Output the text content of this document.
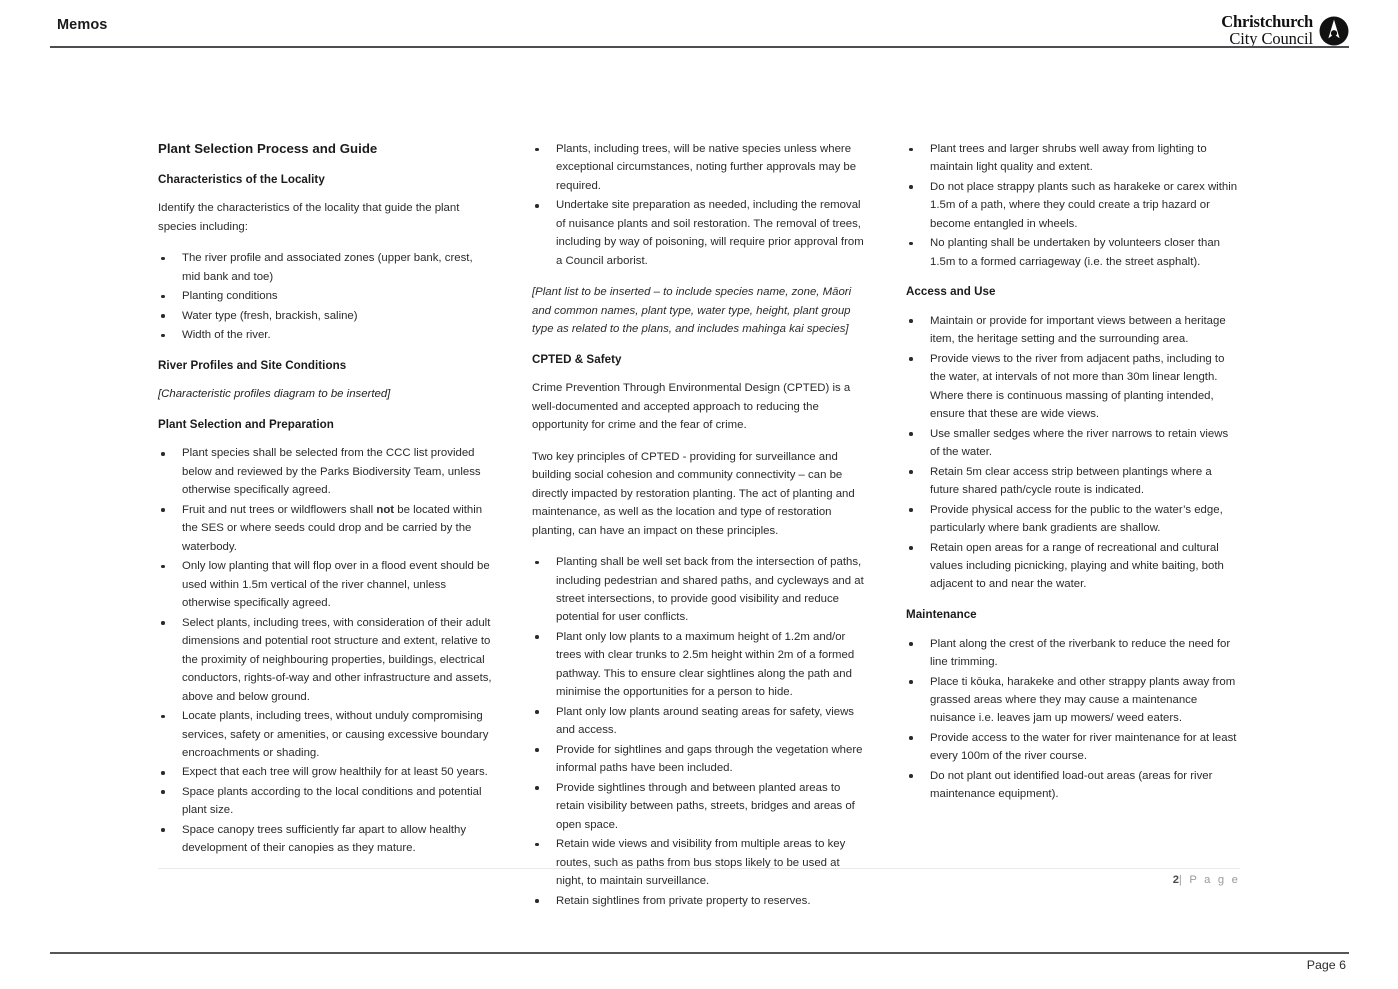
Memos	Christchurch
City Council
Plant Selection Process and Guide
Characteristics of the Locality

Identify the characteristics of the locality that guide the plant species including:

The river profile and associated zones (upper bank, crest, mid bank and toe)
Planting conditions
Water type (fresh, brackish, saline)
Width of the river.
River Profiles and Site Conditions

[Characteristic profiles diagram to be inserted]

Plant Selection and Preparation
Plant species shall be selected from the CCC list provided below and reviewed by the Parks Biodiversity Team, unless otherwise specifically agreed.
Fruit and nut trees or wildflowers shall not be located within the SES or where seeds could drop and be carried by the waterbody.
Only low planting that will flop over in a flood event should be used within 1.5m vertical of the river channel, unless otherwise specifically agreed.
Select plants, including trees, with consideration of their adult dimensions and potential root structure and extent, relative to the proximity of neighbouring properties, buildings, electrical conductors, rights-of-way and other infrastructure and assets, above and below ground.
Locate plants, including trees, without unduly compromising services, safety or amenities, or causing excessive boundary encroachments or shading.
Expect that each tree will grow healthily for at least 50 years.
Space plants according to the local conditions and potential plant size.
Space canopy trees sufficiently far apart to allow healthy development of their canopies as they mature.
Plants, including trees, will be native species unless where exceptional circumstances, noting further approvals may be required.
Undertake site preparation as needed, including the removal of nuisance plants and soil restoration. The removal of trees, including by way of poisoning, will require prior approval from a Council arborist.

[Plant list to be inserted – to include species name, zone, Māori and common names, plant type, water type, height, plant group type as related to the plans, and includes mahinga kai species]

CPTED & Safety

Crime Prevention Through Environmental Design (CPTED) is a well-documented and accepted approach to reducing the opportunity for crime and the fear of crime.

Two key principles of CPTED - providing for surveillance and building social cohesion and community connectivity – can be directly impacted by restoration planting. The act of planting and maintenance, as well as the location and type of restoration planting, can have an impact on these principles.

Planting shall be well set back from the intersection of paths, including pedestrian and shared paths, and cycleways and at street intersections, to provide good visibility and reduce potential for user conflicts.
Plant only low plants to a maximum height of 1.2m and/or trees with clear trunks to 2.5m height within 2m of a formed pathway. This to ensure clear sightlines along the path and minimise the opportunities for a person to hide.
Plant only low plants around seating areas for safety, views and access.
Provide for sightlines and gaps through the vegetation where informal paths have been included.
Provide sightlines through and between planted areas to retain visibility between paths, streets, bridges and areas of open space.
Retain wide views and visibility from multiple areas to key routes, such as paths from bus stops likely to be used at night, to maintain surveillance.
Retain sightlines from private property to reserves.
Plant trees and larger shrubs well away from lighting to maintain light quality and extent.
Do not place strappy plants such as harakeke or carex within 1.5m of a path, where they could create a trip hazard or become entangled in wheels.
No planting shall be undertaken by volunteers closer than 1.5m to a formed carriageway (i.e. the street asphalt).
Access and Use
Maintain or provide for important views between a heritage item, the heritage setting and the surrounding area.
Provide views to the river from adjacent paths, including to the water, at intervals of not more than 30m linear length. Where there is continuous massing of planting intended, ensure that these are wide views.
Use smaller sedges where the river narrows to retain views of the water.
Retain 5m clear access strip between plantings where a future shared path/cycle route is indicated.
Provide physical access for the public to the water’s edge, particularly where bank gradients are shallow.
Retain open areas for a range of recreational and cultural values including picnicking, playing and white baiting, both adjacent to and near the water.
Maintenance
Plant along the crest of the riverbank to reduce the need for line trimming.
Place ti kōuka, harakeke and other strappy plants away from grassed areas where they may cause a maintenance nuisance i.e. leaves jam up mowers/ weed eaters.
Provide access to the water for river maintenance for at least every 100m of the river course.
Do not plant out identified load-out areas (areas for river maintenance equipment).
2| P a g e
Page 6
